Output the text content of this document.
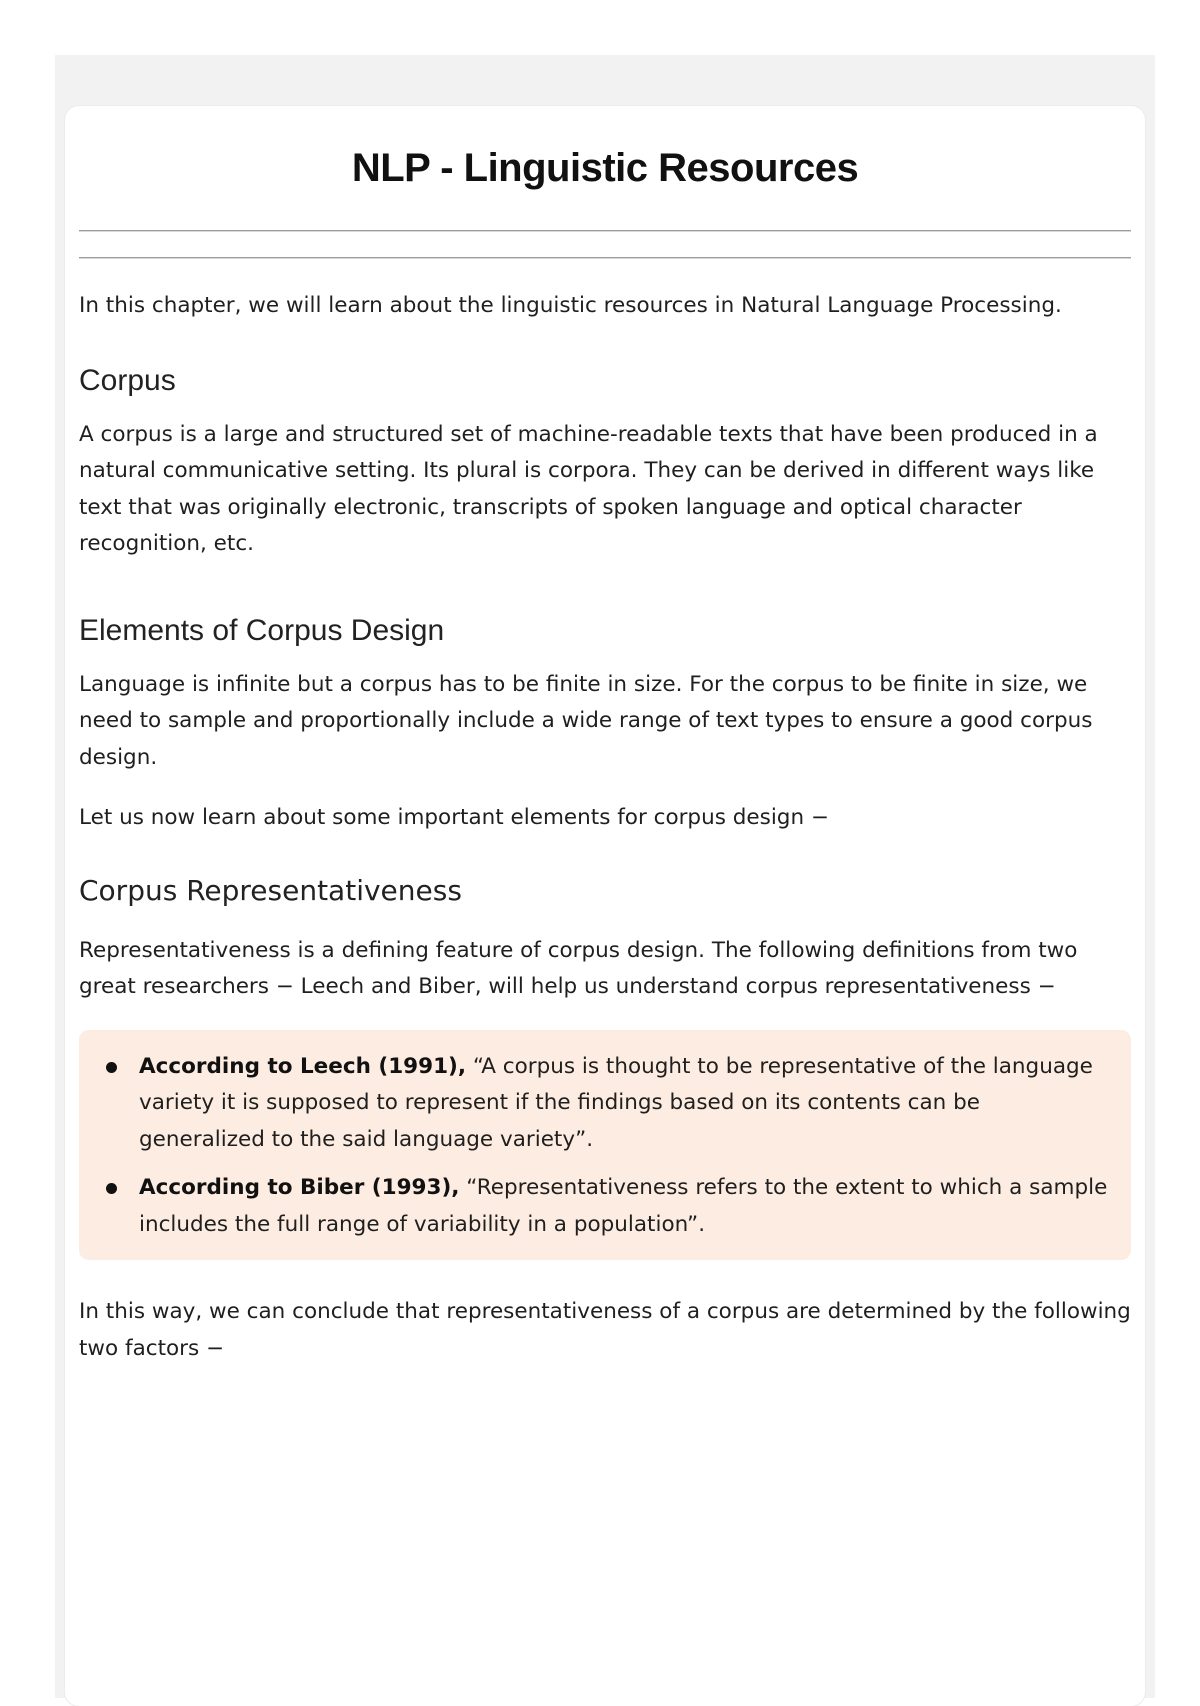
NLP - Linguistic Resources

In this chapter, we will learn about the linguistic resources in Natural Language Processing.

Corpus

A corpus is a large and structured set of machine-readable texts that have been produced in a natural communicative setting. Its plural is corpora. They can be derived in different ways like text that was originally electronic, transcripts of spoken language and optical character recognition, etc.

Elements of Corpus Design

Language is infinite but a corpus has to be finite in size. For the corpus to be finite in size, we need to sample and proportionally include a wide range of text types to ensure a good corpus design.

Let us now learn about some important elements for corpus design −

Corpus Representativeness

Representativeness is a defining feature of corpus design. The following definitions from two great researchers − Leech and Biber, will help us understand corpus representativeness −

According to Leech (1991), “A corpus is thought to be representative of the language variety it is supposed to represent if the findings based on its contents can be generalized to the said language variety”.
According to Biber (1993), “Representativeness refers to the extent to which a sample includes the full range of variability in a population”.

In this way, we can conclude that representativeness of a corpus are determined by the following two factors −
